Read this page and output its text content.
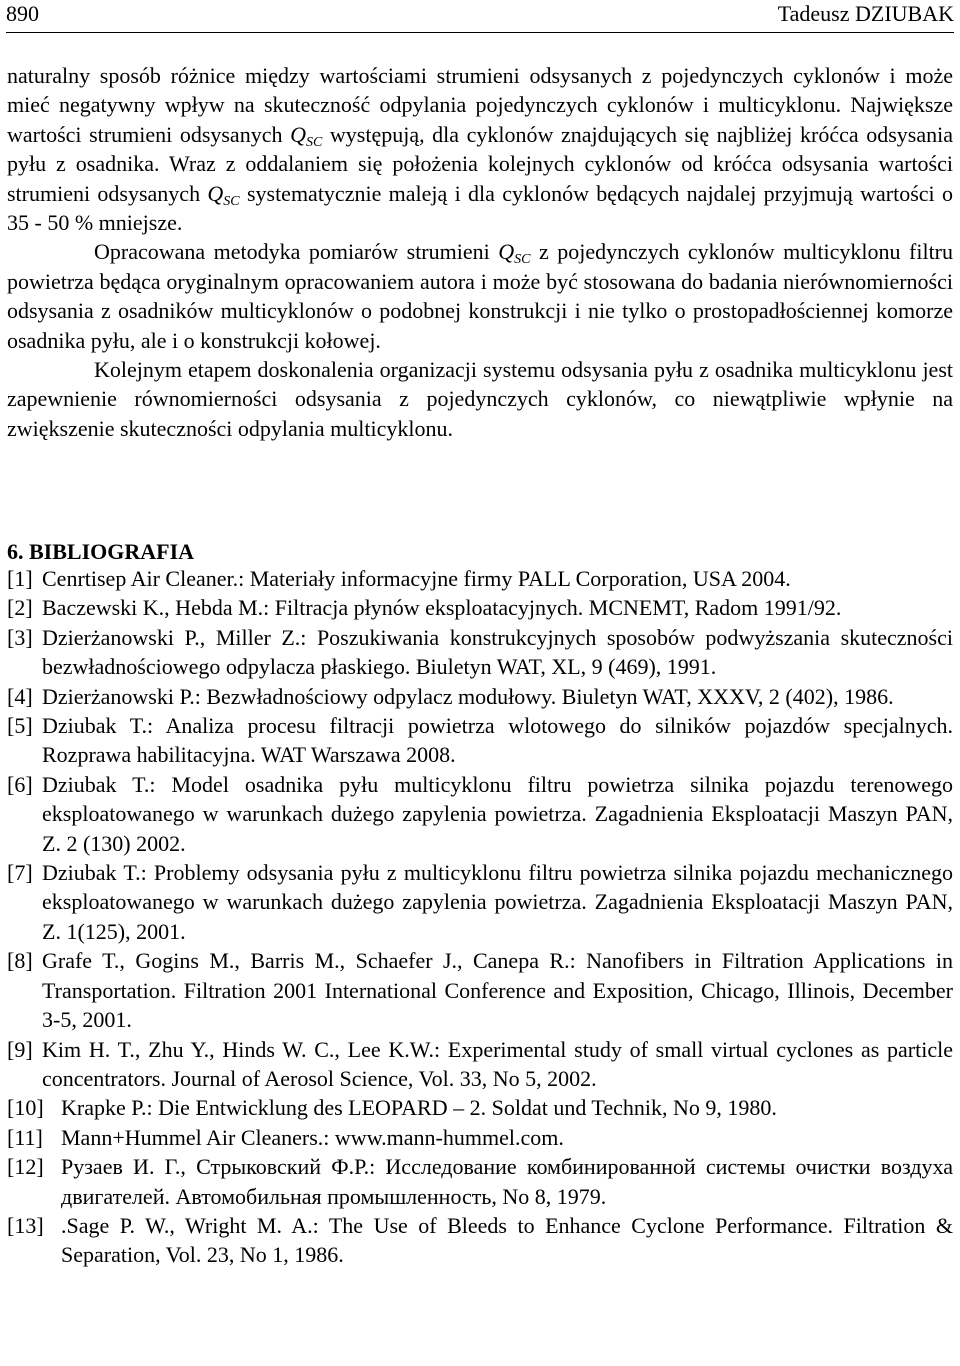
890	Tadeusz DZIUBAK

naturalny sposób różnice między wartościami strumieni odsysanych z pojedynczych cyklonów i może mieć negatywny wpływ na skuteczność odpylania pojedynczych cyklonów i multicyklonu. Największe wartości strumieni odsysanych $Q_{SC}$ występują, dla cyklonów znajdujących się najbliżej króćca odsysania pyłu z osadnika. Wraz z oddalaniem się położenia kolejnych cyklonów od króćca odsysania wartości strumieni odsysanych $Q_{SC}$ systematycznie maleją i dla cyklonów będących najdalej przyjmują wartości o 35 - 50 % mniejsze.

Opracowana metodyka pomiarów strumieni $Q_{SC}$ z pojedynczych cyklonów multicyklonu filtru powietrza będąca oryginalnym opracowaniem autora i może być stosowana do badania nierównomierności odsysania z osadników multicyklonów o podobnej konstrukcji i nie tylko o prostopadłościennej komorze osadnika pyłu, ale i o konstrukcji kołowej.

Kolejnym etapem doskonalenia organizacji systemu odsysania pyłu z osadnika multicyklonu jest zapewnienie równomierności odsysania z pojedynczych cyklonów, co niewątpliwie wpłynie na zwiększenie skuteczności odpylania multicyklonu.

6. BIBLIOGRAFIA
[1] Cenrtisep Air Cleaner.: Materiały informacyjne firmy PALL Corporation, USA 2004.
[2] Baczewski K., Hebda M.: Filtracja płynów eksploatacyjnych. MCNEMT, Radom 1991/92.
[3] Dzierżanowski P., Miller Z.: Poszukiwania konstrukcyjnych sposobów podwyższania skuteczności bezwładnościowego odpylacza płaskiego. Biuletyn WAT, XL, 9 (469), 1991.
[4] Dzierżanowski P.: Bezwładnościowy odpylacz modułowy. Biuletyn WAT, XXXV, 2 (402), 1986.
[5] Dziubak T.: Analiza procesu filtracji powietrza wlotowego do silników pojazdów specjalnych. Rozprawa habilitacyjna. WAT Warszawa 2008.
[6] Dziubak T.: Model osadnika pyłu multicyklonu filtru powietrza silnika pojazdu terenowego eksploatowanego w warunkach dużego zapylenia powietrza. Zagadnienia Eksploatacji Maszyn PAN, Z. 2 (130) 2002.
[7] Dziubak T.: Problemy odsysania pyłu z multicyklonu filtru powietrza silnika pojazdu mechanicznego eksploatowanego w warunkach dużego zapylenia powietrza. Zagadnienia Eksploatacji Maszyn PAN, Z. 1(125), 2001.
[8] Grafe T., Gogins M., Barris M., Schaefer J., Canepa R.: Nanofibers in Filtration Applications in Transportation. Filtration 2001 International Conference and Exposition, Chicago, Illinois, December 3-5, 2001.
[9] Kim H. T., Zhu Y., Hinds W. C., Lee K.W.: Experimental study of small virtual cyclones as particle concentrators. Journal of Aerosol Science, Vol. 33, No 5, 2002.
[10] Krapke P.: Die Entwicklung des LEOPARD – 2. Soldat und Technik, No 9, 1980.
[11] Mann+Hummel Air Cleaners.: www.mann-hummel.com.
[12] Рузаев И. Г., Стрыковский Ф.Р.: Исследование комбинированной системы очистки воздуха двигателей. Автомобильная промышленность, No 8, 1979.
[13] .Sage P. W., Wright M. A.: The Use of Bleeds to Enhance Cyclone Performance. Filtration & Separation, Vol. 23, No 1, 1986.
